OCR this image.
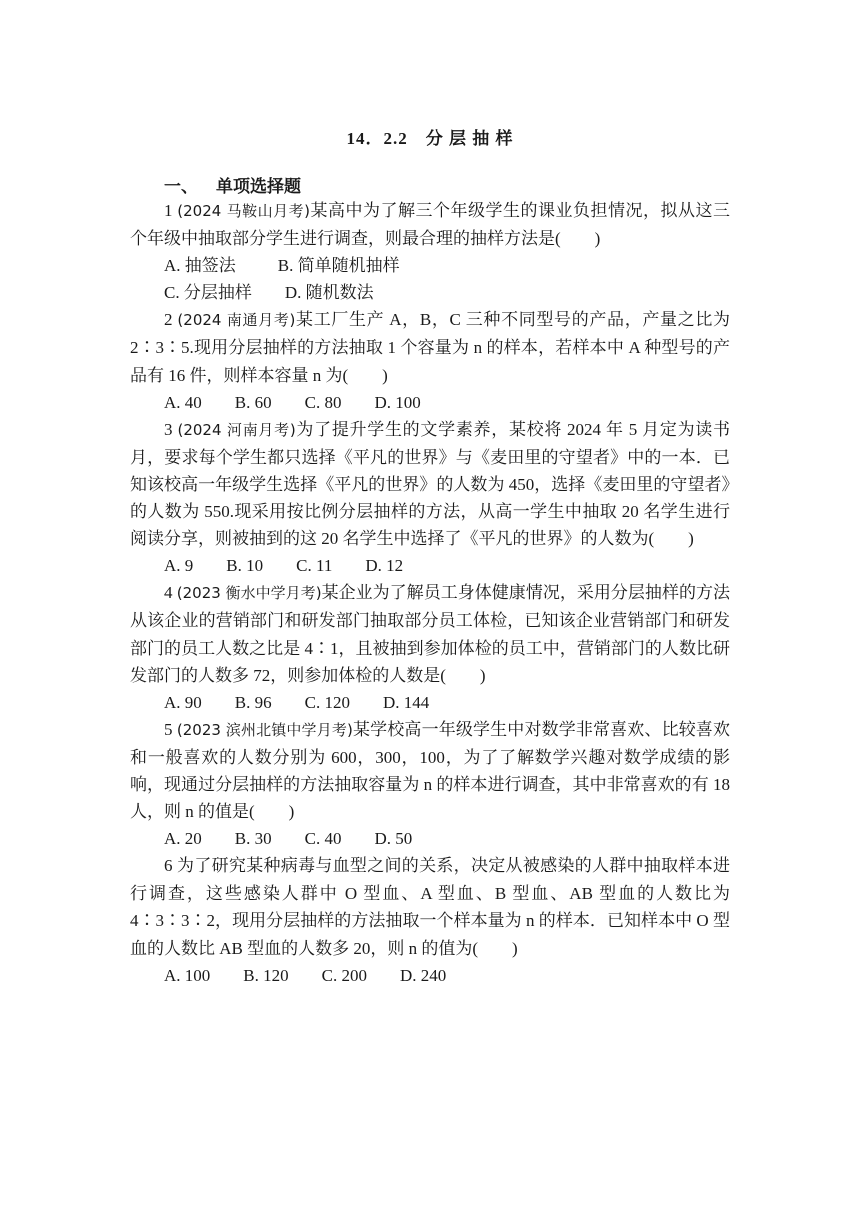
14．2.2　分 层 抽 样
一、 单项选择题

1 (2024 马鞍山月考)某高中为了解三个年级学生的课业负担情况，拟从这三个年级中抽取部分学生进行调查，则最合理的抽样方法是(　　)

A. 抽签法 B. 简单随机抽样

C. 分层抽样 D. 随机数法

2 (2024 南通月考)某工厂生产 A，B，C 三种不同型号的产品，产量之比为 2∶3∶5.现用分层抽样的方法抽取 1 个容量为 n 的样本，若样本中 A 种型号的产品有 16 件，则样本容量 n 为(　　)

A. 40 B. 60 C. 80 D. 100

3 (2024 河南月考)为了提升学生的文学素养，某校将 2024 年 5 月定为读书月，要求每个学生都只选择《平凡的世界》与《麦田里的守望者》中的一本．已知该校高一年级学生选择《平凡的世界》的人数为 450，选择《麦田里的守望者》的人数为 550.现采用按比例分层抽样的方法，从高一学生中抽取 20 名学生进行阅读分享，则被抽到的这 20 名学生中选择了《平凡的世界》的人数为(　　)

A. 9 B. 10 C. 11 D. 12

4 (2023 衡水中学月考)某企业为了解员工身体健康情况，采用分层抽样的方法从该企业的营销部门和研发部门抽取部分员工体检，已知该企业营销部门和研发部门的员工人数之比是 4∶1，且被抽到参加体检的员工中，营销部门的人数比研发部门的人数多 72，则参加体检的人数是(　　)

A. 90 B. 96 C. 120 D. 144

5 (2023 滨州北镇中学月考)某学校高一年级学生中对数学非常喜欢、比较喜欢和一般喜欢的人数分别为 600，300，100，为了了解数学兴趣对数学成绩的影响，现通过分层抽样的方法抽取容量为 n 的样本进行调查，其中非常喜欢的有 18 人，则 n 的值是(　　)

A. 20 B. 30 C. 40 D. 50

6 为了研究某种病毒与血型之间的关系，决定从被感染的人群中抽取样本进行调查，这些感染人群中 O 型血、A 型血、B 型血、AB 型血的人数比为 4∶3∶3∶2，现用分层抽样的方法抽取一个样本量为 n 的样本．已知样本中 O 型血的人数比 AB 型血的人数多 20，则 n 的值为(　　)

A. 100 B. 120 C. 200 D. 240
